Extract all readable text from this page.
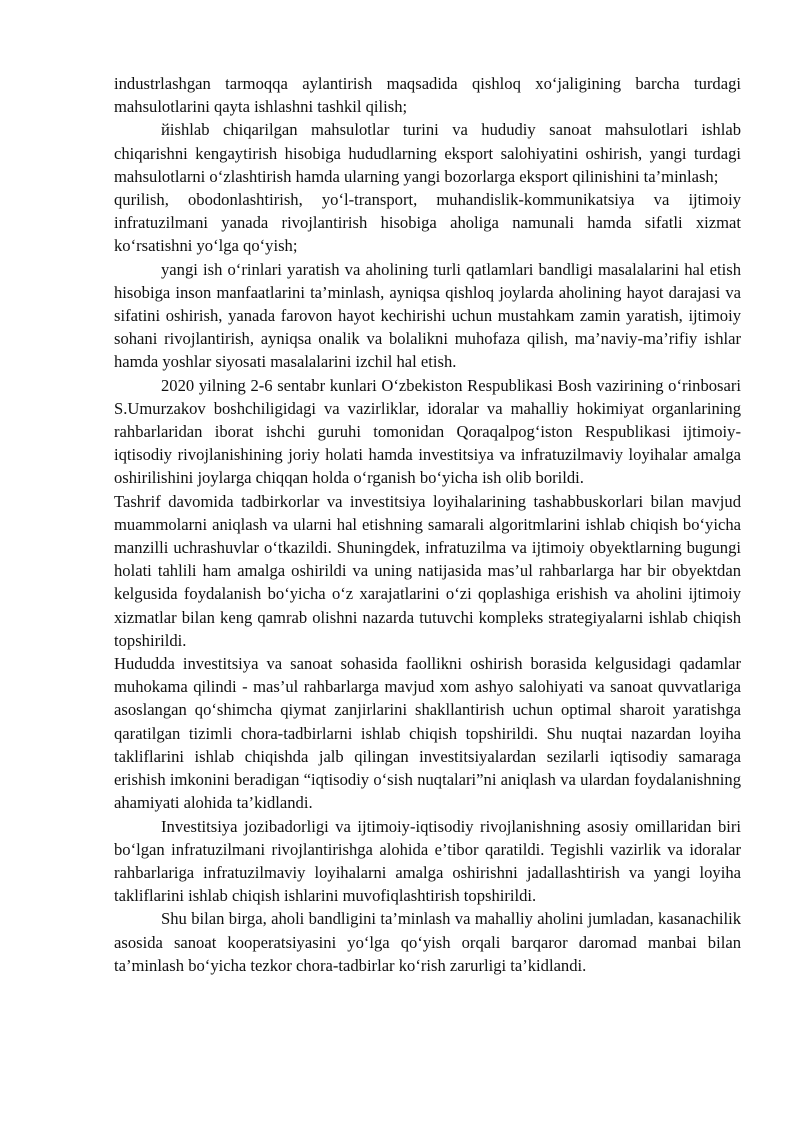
industrlashgan tarmoqqa aylantirish maqsadida qishloq xo‘jaligining barcha turdagi mahsulotlarini qayta ishlashni tashkil qilish;

йishlab chiqarilgan mahsulotlar turini va hududiy sanoat mahsulotlari ishlab chiqarishni kengaytirish hisobiga hududlarning eksport salohiyatini oshirish, yangi turdagi mahsulotlarni o‘zlashtirish hamda ularning yangi bozorlarga eksport qilinishini ta’minlash;

qurilish, obodonlashtirish, yo‘l-transport, muhandislik-kommunikatsiya va ijtimoiy infratuzilmani yanada rivojlantirish hisobiga aholiga namunali hamda sifatli xizmat ko‘rsatishni yo‘lga qo‘yish;

yangi ish o‘rinlari yaratish va aholining turli qatlamlari bandligi masalalarini hal etish hisobiga inson manfaatlarini ta’minlash, ayniqsa qishloq joylarda aholining hayot darajasi va sifatini oshirish, yanada farovon hayot kechirishi uchun mustahkam zamin yaratish, ijtimoiy sohani rivojlantirish, ayniqsa onalik va bolalikni muhofaza qilish, ma’naviy-ma’rifiy ishlar hamda yoshlar siyosati masalalarini izchil hal etish.

2020 yilning 2-6 sentabr kunlari O‘zbekiston Respublikasi Bosh vazirining o‘rinbosari S.Umurzakov boshchiligidagi va vazirliklar, idoralar va mahalliy hokimiyat organlarining rahbarlaridan iborat ishchi guruhi tomonidan Qoraqalpog‘iston Respublikasi ijtimoiy-iqtisodiy rivojlanishining joriy holati hamda investitsiya va infratuzilmaviy loyihalar amalga oshirilishini joylarga chiqqan holda o‘rganish bo‘yicha ish olib borildi.

Tashrif davomida tadbirkorlar va investitsiya loyihalarining tashabbuskorlari bilan mavjud muammolarni aniqlash va ularni hal etishning samarali algoritmlarini ishlab chiqish bo‘yicha manzilli uchrashuvlar o‘tkazildi. Shuningdek, infratuzilma va ijtimoiy obyektlarning bugungi holati tahlili ham amalga oshirildi va uning natijasida mas’ul rahbarlarga har bir obyektdan kelgusida foydalanish bo‘yicha o‘z xarajatlarini o‘zi qoplashiga erishish va aholini ijtimoiy xizmatlar bilan keng qamrab olishni nazarda tutuvchi kompleks strategiyalarni ishlab chiqish topshirildi.

Hududda investitsiya va sanoat sohasida faollikni oshirish borasida kelgusidagi qadamlar muhokama qilindi - mas’ul rahbarlarga mavjud xom ashyo salohiyati va sanoat quvvatlariga asoslangan qo‘shimcha qiymat zanjirlarini shakllantirish uchun optimal sharoit yaratishga qaratilgan tizimli chora-tadbirlarni ishlab chiqish topshirildi. Shu nuqtai nazardan loyiha takliflarini ishlab chiqishda jalb qilingan investitsiyalardan sezilarli iqtisodiy samaraga erishish imkonini beradigan “iqtisodiy o‘sish nuqtalari”ni aniqlash va ulardan foydalanishning ahamiyati alohida ta’kidlandi.

Investitsiya jozibadorligi va ijtimoiy-iqtisodiy rivojlanishning asosiy omillaridan biri bo‘lgan infratuzilmani rivojlantirishga alohida e’tibor qaratildi. Tegishli vazirlik va idoralar rahbarlariga infratuzilmaviy loyihalarni amalga oshirishni jadallashtirish va yangi loyiha takliflarini ishlab chiqish ishlarini muvofiqlashtirish topshirildi.

Shu bilan birga, aholi bandligini ta’minlash va mahalliy aholini jumladan, kasanachilik asosida sanoat kooperatsiyasini yo‘lga qo‘yish orqali barqaror daromad manbai bilan ta’minlash bo‘yicha tezkor chora-tadbirlar ko‘rish zarurligi ta’kidlandi.
